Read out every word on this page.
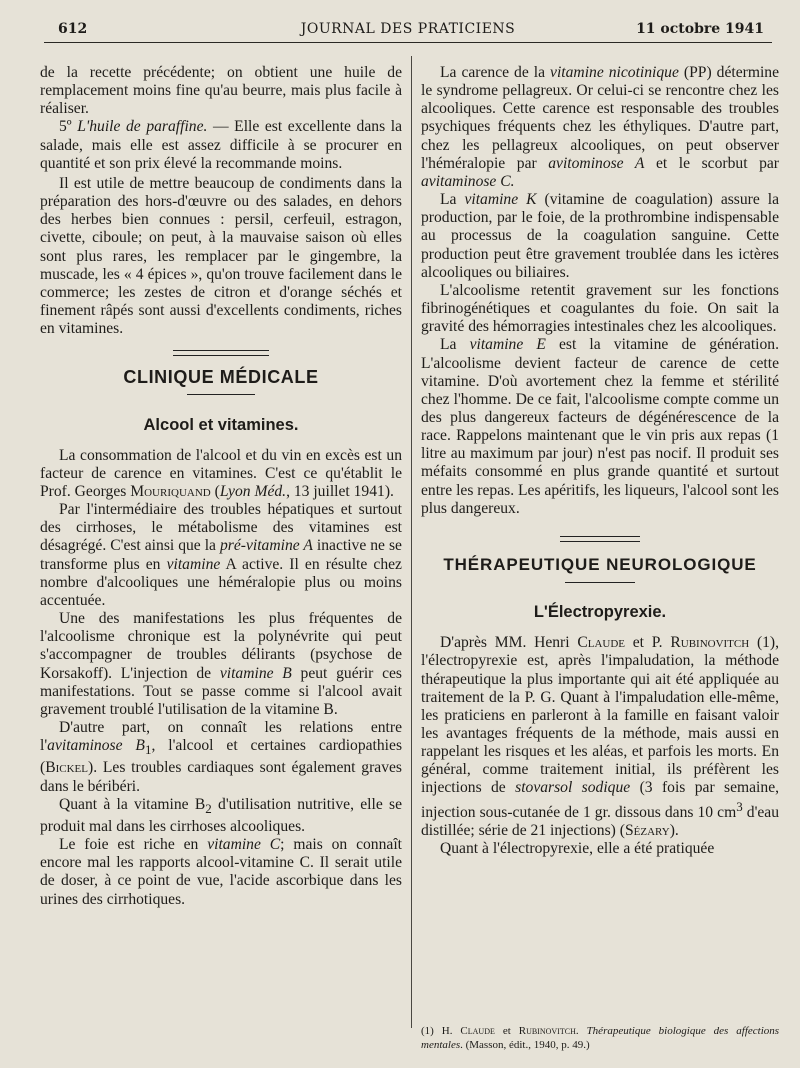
612	JOURNAL DES PRATICIENS	11 octobre 1941

de la recette précédente; on obtient une huile de remplacement moins fine qu'au beurre, mais plus facile à réaliser.

5º L'huile de paraffine. — Elle est excellente dans la salade, mais elle est assez difficile à se procurer en quantité et son prix élevé la recommande moins.

Il est utile de mettre beaucoup de condiments dans la préparation des hors-d'œuvre ou des salades, en dehors des herbes bien connues : persil, cerfeuil, estragon, civette, ciboule; on peut, à la mauvaise saison où elles sont plus rares, les remplacer par le gingembre, la muscade, les « 4 épices », qu'on trouve facilement dans le commerce; les zestes de citron et d'orange séchés et finement râpés sont aussi d'excellents condiments, riches en vitamines.

CLINIQUE MÉDICALE
Alcool et vitamines.

La consommation de l'alcool et du vin en excès est un facteur de carence en vitamines. C'est ce qu'établit le Prof. Georges Mouriquand (Lyon Méd., 13 juillet 1941).

Par l'intermédiaire des troubles hépatiques et surtout des cirrhoses, le métabolisme des vitamines est désagrégé. C'est ainsi que la pré-vitamine A inactive ne se transforme plus en vitamine A active. Il en résulte chez nombre d'alcooliques une héméralopie plus ou moins accentuée.

Une des manifestations les plus fréquentes de l'alcoolisme chronique est la polynévrite qui peut s'accompagner de troubles délirants (psychose de Korsakoff). L'injection de vitamine B peut guérir ces manifestations. Tout se passe comme si l'alcool avait gravement troublé l'utilisation de la vitamine B.

D'autre part, on connaît les relations entre l'avitaminose $B_1$, l'alcool et certaines cardiopathies (Bickel). Les troubles cardiaques sont également graves dans le béribéri.

Quant à la vitamine $B_2$ d'utilisation nutritive, elle se produit mal dans les cirrhoses alcooliques.

Le foie est riche en vitamine C; mais on connaît encore mal les rapports alcool-vitamine C. Il serait utile de doser, à ce point de vue, l'acide ascorbique dans les urines des cirrhotiques.

La carence de la vitamine nicotinique (PP) détermine le syndrome pellagreux. Or celui-ci se rencontre chez les alcooliques. Cette carence est responsable des troubles psychiques fréquents chez les éthyliques. D'autre part, chez les pellagreux alcooliques, on peut observer l'héméralopie par avitominose A et le scorbut par avitaminose C.

La vitamine K (vitamine de coagulation) assure la production, par le foie, de la prothrombine indispensable au processus de la coagulation sanguine. Cette production peut être gravement troublée dans les ictères alcooliques ou biliaires.

L'alcoolisme retentit gravement sur les fonctions fibrinogénétiques et coagulantes du foie. On sait la gravité des hémorragies intestinales chez les alcooliques.

La vitamine E est la vitamine de génération. L'alcoolisme devient facteur de carence de cette vitamine. D'où avortement chez la femme et stérilité chez l'homme. De ce fait, l'alcoolisme compte comme un des plus dangereux facteurs de dégénérescence de la race. Rappelons maintenant que le vin pris aux repas (1 litre au maximum par jour) n'est pas nocif. Il produit ses méfaits consommé en plus grande quantité et surtout entre les repas. Les apéritifs, les liqueurs, l'alcool sont les plus dangereux.

THÉRAPEUTIQUE NEUROLOGIQUE
L'Électropyrexie.

D'après MM. Henri Claude et P. Rubinovitch (1), l'électropyrexie est, après l'impaludation, la méthode thérapeutique la plus importante qui ait été appliquée au traitement de la P. G. Quant à l'impaludation elle-même, les praticiens en parleront à la famille en faisant valoir les avantages fréquents de la méthode, mais aussi en rappelant les risques et les aléas, et parfois les morts. En général, comme traitement initial, ils préfèrent les injections de stovarsol sodique (3 fois par semaine, injection sous-cutanée de 1 gr. dissous dans 10 $cm^3$ d'eau distillée; série de 21 injections) (Sézary).

Quant à l'électropyrexie, elle a été pratiquée

(1) H. Claude et Rubinovitch. Thérapeutique biologique des affections mentales. (Masson, édit., 1940, p. 49.)
